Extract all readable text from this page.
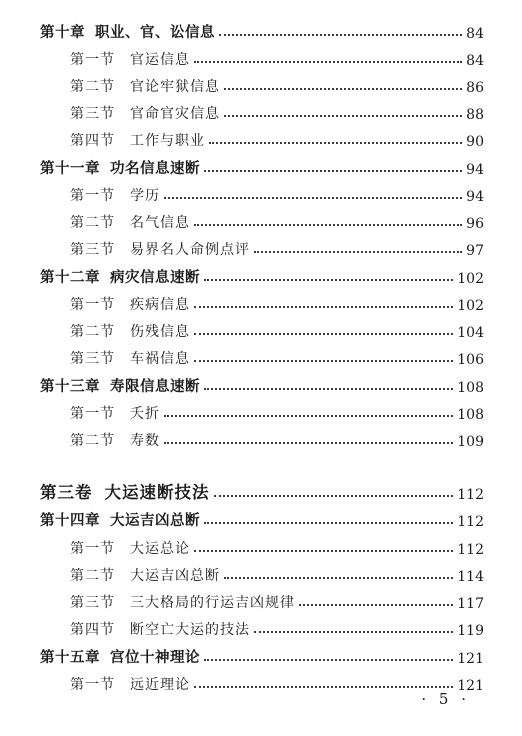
第十章 职业、官、讼信息	84
第一节	官运信息	84
第二节	官论牢狱信息	86
第三节	官命官灾信息	88
第四节	工作与职业	90
第十一章 功名信息速断	94
第一节	学历	94
第二节	名气信息	96
第三节	易界名人命例点评	97
第十二章 病灾信息速断	102
第一节	疾病信息	102
第二节	伤残信息	104
第三节	车祸信息	106
第十三章 寿限信息速断	108
第一节	夭折	108
第二节	寿数	109
第三卷 大运速断技法	112
第十四章 大运吉凶总断	112
第一节	大运总论	112
第二节	大运吉凶总断	114
第三节	三大格局的行运吉凶规律	117
第四节	断空亡大运的技法	119
第十五章 宫位十神理论	121
第一节	远近理论	121
· 5 ·
